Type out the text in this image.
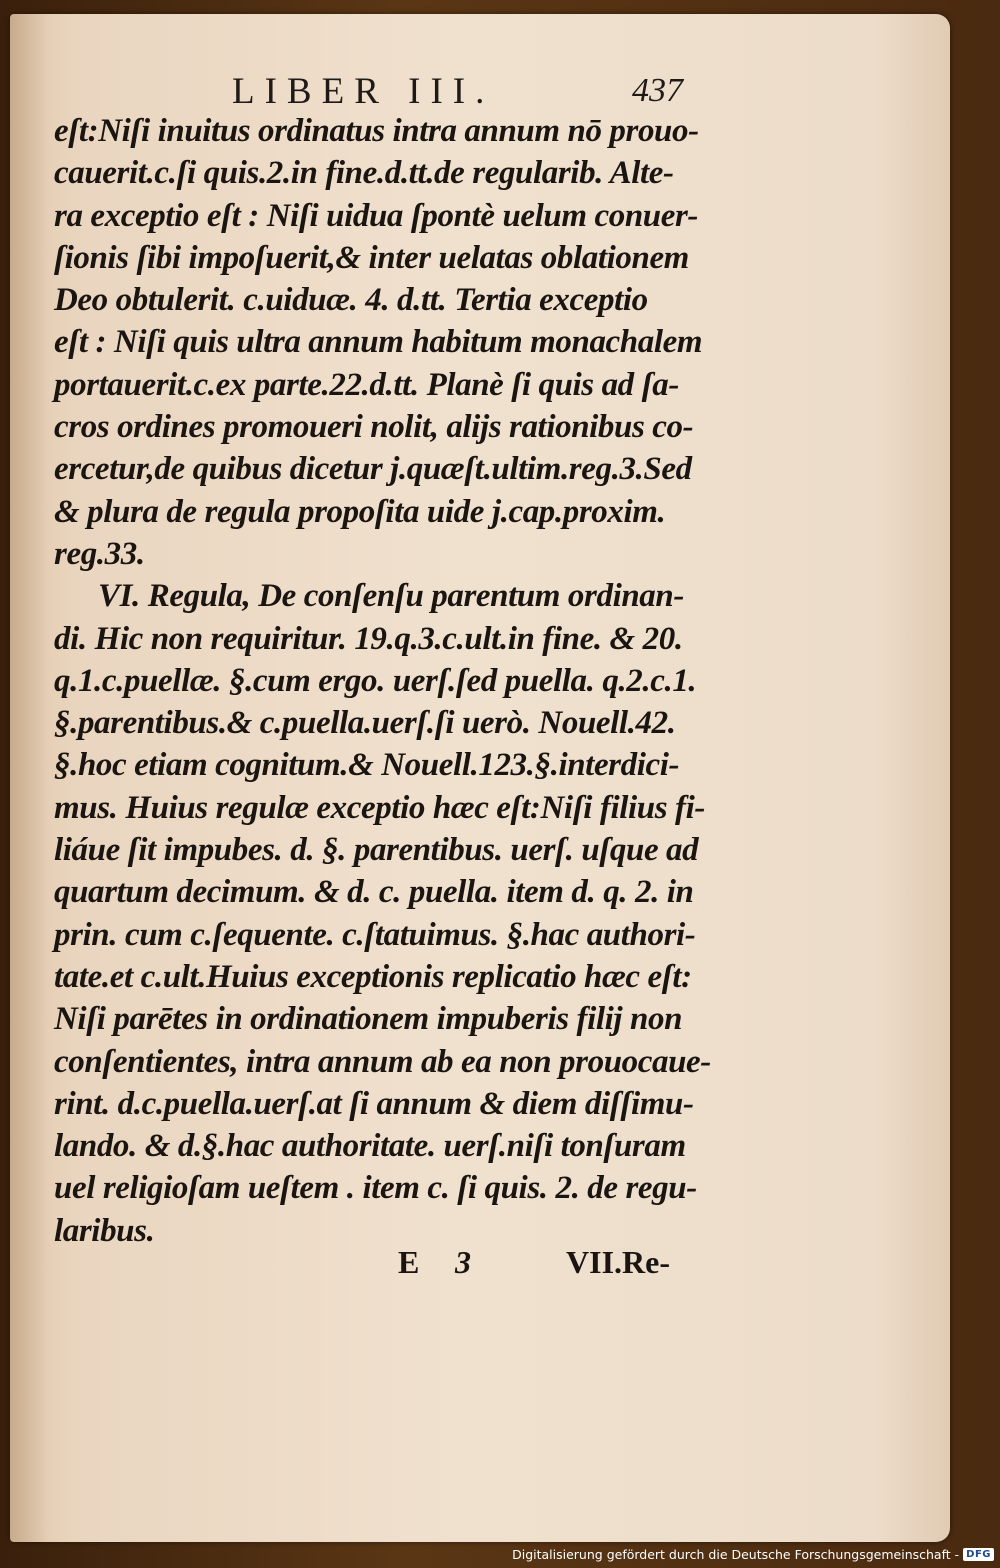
LIBER III.	437
eſt:Niſi inuitus ordinatus intra annum nō prouo-
cauerit.c.ſi quis.2.in fine.d.tt.de regularib. Alte-
ra exceptio eſt : Niſi uidua ſpontè uelum conuer-
ſionis ſibi impoſuerit,& inter uelatas oblationem
Deo obtulerit. c.uiduæ. 4. d.tt. Tertia exceptio
eſt : Niſi quis ultra annum habitum monachalem
portauerit.c.ex parte.22.d.tt. Planè ſi quis ad ſa-
cros ordines promoueri nolit, alijs rationibus co-
ercetur,de quibus dicetur j.quæſt.ultim.reg.3.Sed
& plura de regula propoſita uide j.cap.proxim.
reg.33.
VI. Regula, De conſenſu parentum ordinan-
di. Hic non requiritur. 19.q.3.c.ult.in fine. & 20.
q.1.c.puellæ. §.cum ergo. uerſ.ſed puella. q.2.c.1.
§.parentibus.& c.puella.uerſ.ſi uerò. Nouell.42.
§.hoc etiam cognitum.& Nouell.123.§.interdici-
mus. Huius regulæ exceptio hæc eſt:Niſi filius fi-
liáue ſit impubes. d. §. parentibus. uerſ. uſque ad
quartum decimum. & d. c. puella. item d. q. 2. in
prin. cum c.ſequente. c.ſtatuimus. §.hac authori-
tate.et c.ult.Huius exceptionis replicatio hæc eſt:
Niſi parētes in ordinationem impuberis filij non
conſentientes, intra annum ab ea non prouocaue-
rint. d.c.puella.uerſ.at ſi annum & diem diſſimu-
lando. & d.§.hac authoritate. uerſ.niſi tonſuram
uel religioſam ueſtem . item c. ſi quis. 2. de regu-
laribus.
E 3	VII.Re-
Digitalisierung gefördert durch die Deutsche Forschungsgemeinschaft - DFG
